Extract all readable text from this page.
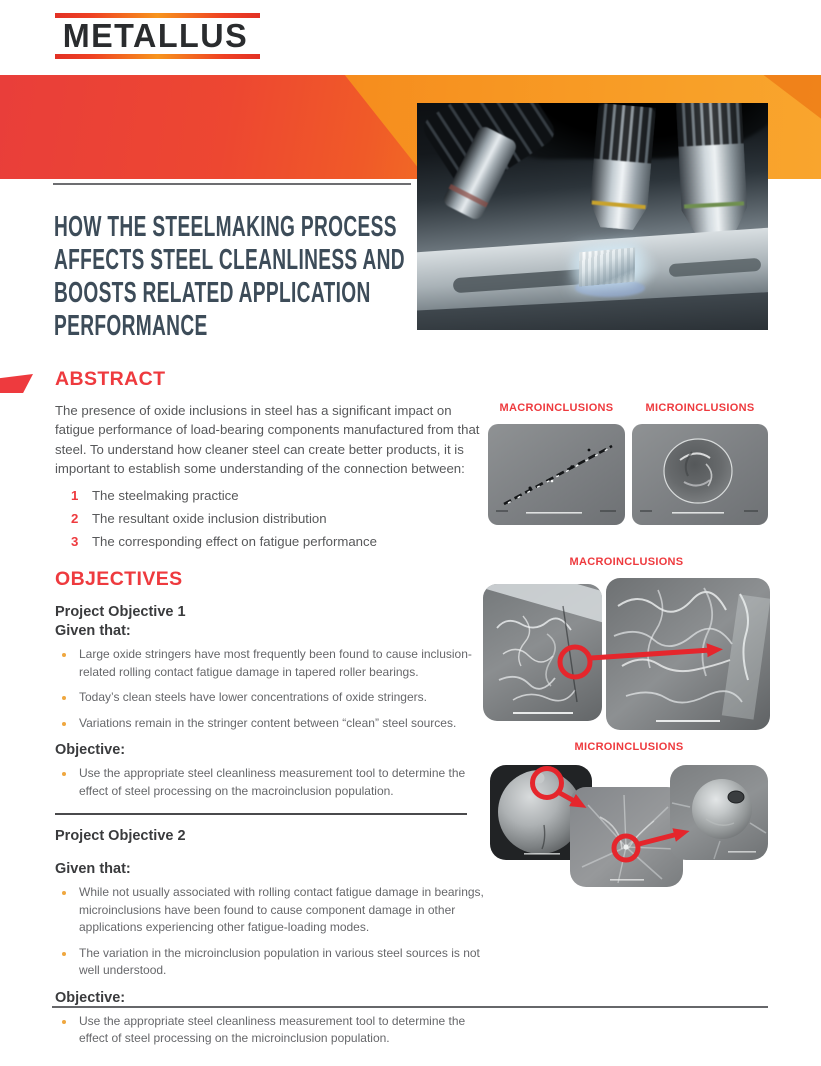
METALLUS
HOW THE STEELMAKING PROCESS
AFFECTS STEEL CLEANLINESS AND
BOOSTS RELATED APPLICATION
PERFORMANCE
ABSTRACT

The presence of oxide inclusions in steel has a significant impact on fatigue performance of load-bearing components manufactured from that steel. To understand how cleaner steel can create better products, it is important to establish some understanding of the connection between:

1	The steelmaking practice
2	The resultant oxide inclusion distribution
3	The corresponding effect on fatigue performance
OBJECTIVES
Project Objective 1
Given that:
Large oxide stringers have most frequently been found to cause inclusion-related rolling contact fatigue damage in tapered roller bearings.
Today’s clean steels have lower concentrations of oxide stringers.
Variations remain in the stringer content between “clean” steel sources.
Objective:
Use the appropriate steel cleanliness measurement tool to determine the effect of steel processing on the macroinclusion population.
Project Objective 2
Given that:
While not usually associated with rolling contact fatigue damage in bearings, microinclusions have been found to cause component damage in other applications experiencing other fatigue-loading modes.
The variation in the microinclusion population in various steel sources is not well understood.
Objective:
Use the appropriate steel cleanliness measurement tool to determine the effect of steel processing on the microinclusion population.
MACROINCLUSIONS	MICROINCLUSIONS
MACROINCLUSIONS
MICROINCLUSIONS
